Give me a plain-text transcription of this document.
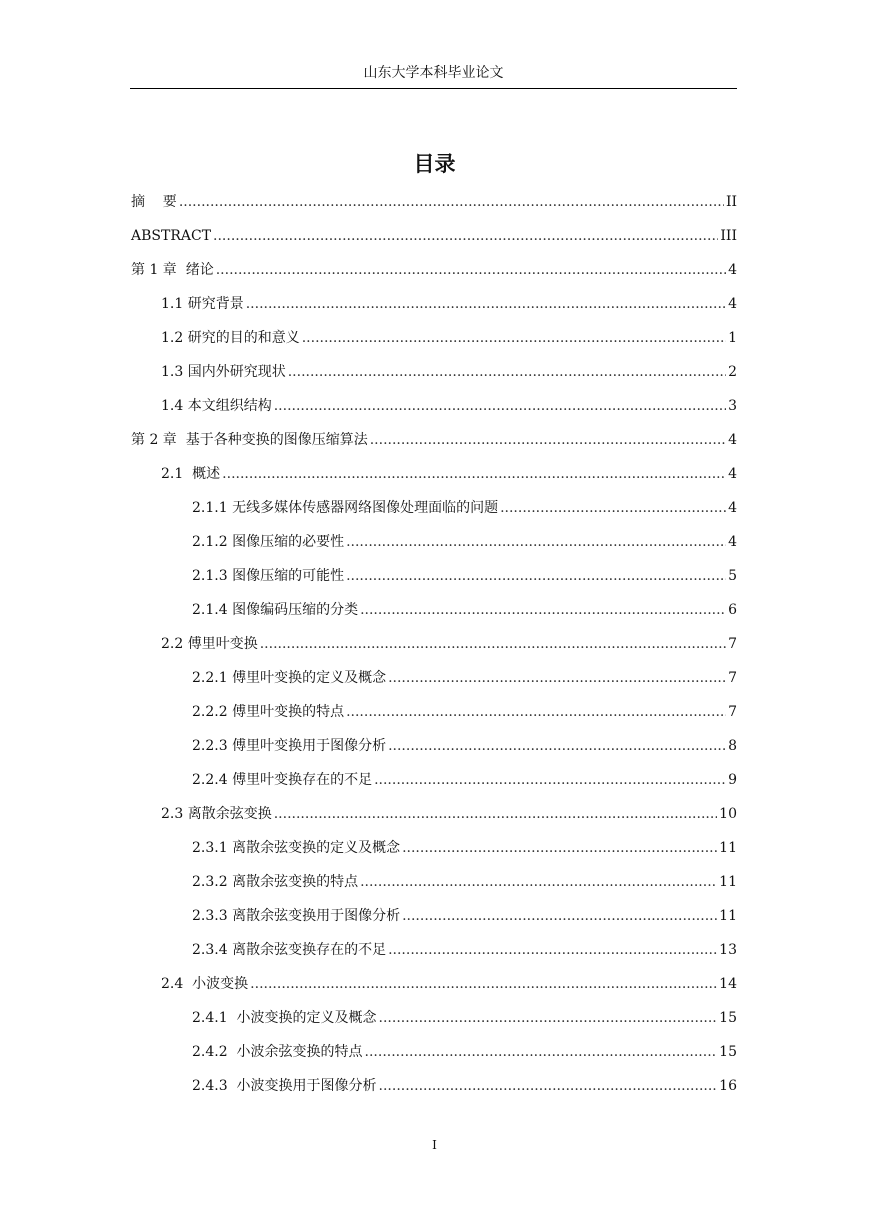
山东大学本科毕业论文
目录
摘    要 .....	II
ABSTRACT .....	III
第 1 章  绪论 .....	4
1.1 研究背景 .....	4
1.2 研究的目的和意义 .....	1
1.3 国内外研究现状 .....	2
1.4 本文组织结构 .....	3
第 2 章  基于各种变换的图像压缩算法 .....	4
2.1  概述 .....	4
2.1.1 无线多媒体传感器网络图像处理面临的问题 .....	4
2.1.2 图像压缩的必要性 .....	4
2.1.3 图像压缩的可能性 .....	5
2.1.4 图像编码压缩的分类 .....	6
2.2 傅里叶变换 .....	7
2.2.1 傅里叶变换的定义及概念 .....	7
2.2.2 傅里叶变换的特点 .....	7
2.2.3 傅里叶变换用于图像分析 .....	8
2.2.4 傅里叶变换存在的不足 .....	9
2.3 离散余弦变换 .....	10
2.3.1 离散余弦变换的定义及概念 .....	11
2.3.2 离散余弦变换的特点 .....	11
2.3.3 离散余弦变换用于图像分析 .....	11
2.3.4 离散余弦变换存在的不足 .....	13
2.4  小波变换 .....	14
2.4.1  小波变换的定义及概念 .....	15
2.4.2  小波余弦变换的特点 .....	15
2.4.3  小波变换用于图像分析 .....	16
I
